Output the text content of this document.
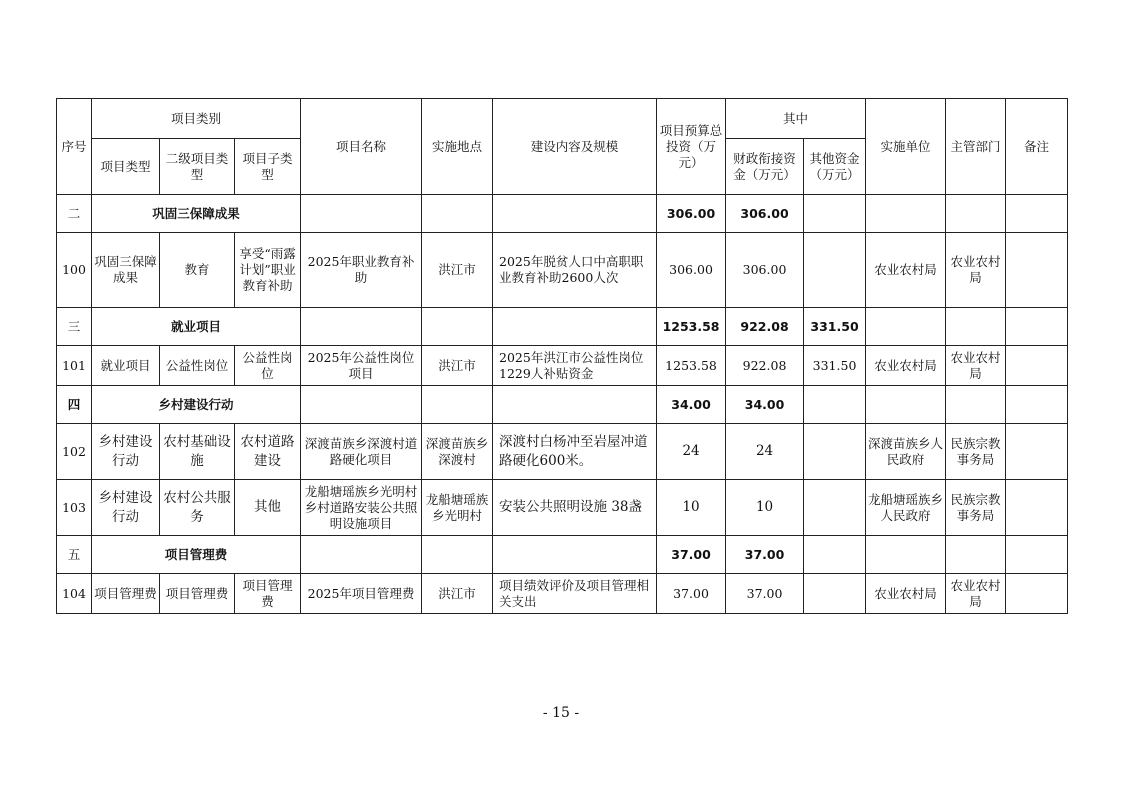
序号	项目类别			项目名称	实施地点	建设内容及规模	项目预算总投资（万元）	其中		实施单位	主管部门	备注
	项目类型	二级项目类型	项目子类型					财政衔接资金（万元）	其他资金（万元）			
二	巩固三保障成果						306.00	306.00				
100	巩固三保障成果	教育	享受“雨露计划”职业教育补助	2025年职业教育补助	洪江市	2025年脱贫人口中高职职业教育补助2600人次	306.00	306.00		农业农村局	农业农村局	
三	就业项目						1253.58	922.08	331.50			
101	就业项目	公益性岗位	公益性岗位	2025年公益性岗位项目	洪江市	2025年洪江市公益性岗位1229人补贴资金	1253.58	922.08	331.50	农业农村局	农业农村局	
四	乡村建设行动						34.00	34.00				
102	乡村建设行动	农村基础设施	农村道路建设	深渡苗族乡深渡村道路硬化项目	深渡苗族乡深渡村	深渡村白杨冲至岩屋冲道路硬化600米。	24	24		深渡苗族乡人民政府	民族宗教事务局	
103	乡村建设行动	农村公共服务	其他	龙船塘瑶族乡光明村乡村道路安装公共照明设施项目	龙船塘瑶族乡光明村	安装公共照明设施 38盏	10	10		龙船塘瑶族乡人民政府	民族宗教事务局	
五	项目管理费						37.00	37.00				
104	项目管理费	项目管理费	项目管理费	2025年项目管理费	洪江市	项目绩效评价及项目管理相关支出	37.00	37.00		农业农村局	农业农村局	
- 15 -
